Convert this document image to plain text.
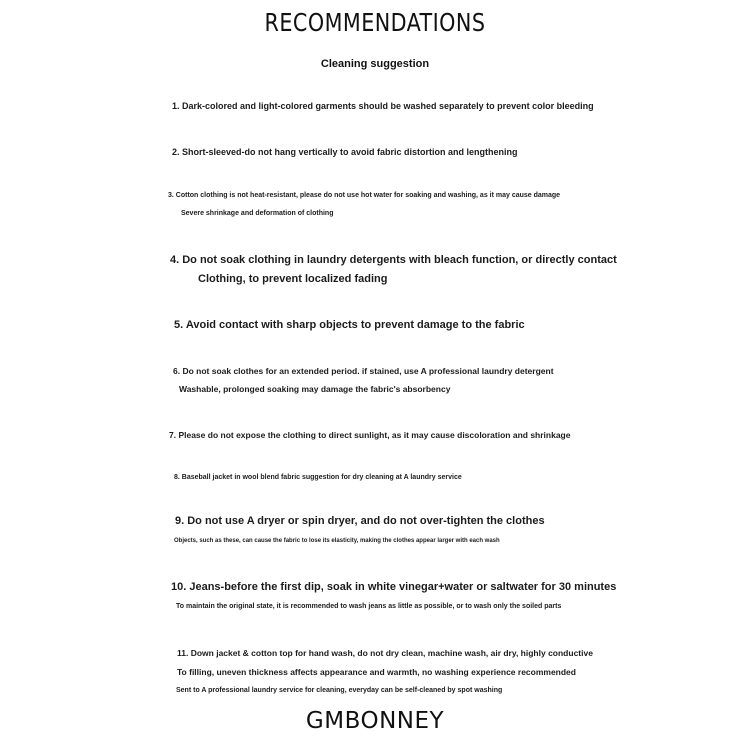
RECOMMENDATIONS
Cleaning suggestion
1. Dark-colored and light-colored garments should be washed separately to prevent color bleeding
2. Short-sleeved-do not hang vertically to avoid fabric distortion and lengthening
3. Cotton clothing is not heat-resistant, please do not use hot water for soaking and washing, as it may cause damage
Severe shrinkage and deformation of clothing
4. Do not soak clothing in laundry detergents with bleach function, or directly contact
Clothing, to prevent localized fading
5. Avoid contact with sharp objects to prevent damage to the fabric
6. Do not soak clothes for an extended period. if stained, use A professional laundry detergent
Washable, prolonged soaking may damage the fabric's absorbency
7. Please do not expose the clothing to direct sunlight, as it may cause discoloration and shrinkage
8. Baseball jacket in wool blend fabric suggestion for dry cleaning at A laundry service
9. Do not use A dryer or spin dryer, and do not over-tighten the clothes
Objects, such as these, can cause the fabric to lose its elasticity, making the clothes appear larger with each wash
10. Jeans-before the first dip, soak in white vinegar+water or saltwater for 30 minutes
To maintain the original state, it is recommended to wash jeans as little as possible, or to wash only the soiled parts
11. Down jacket & cotton top for hand wash, do not dry clean, machine wash, air dry, highly conductive
To filling, uneven thickness affects appearance and warmth, no washing experience recommended
Sent to A professional laundry service for cleaning, everyday can be self-cleaned by spot washing
GMBONNEY
